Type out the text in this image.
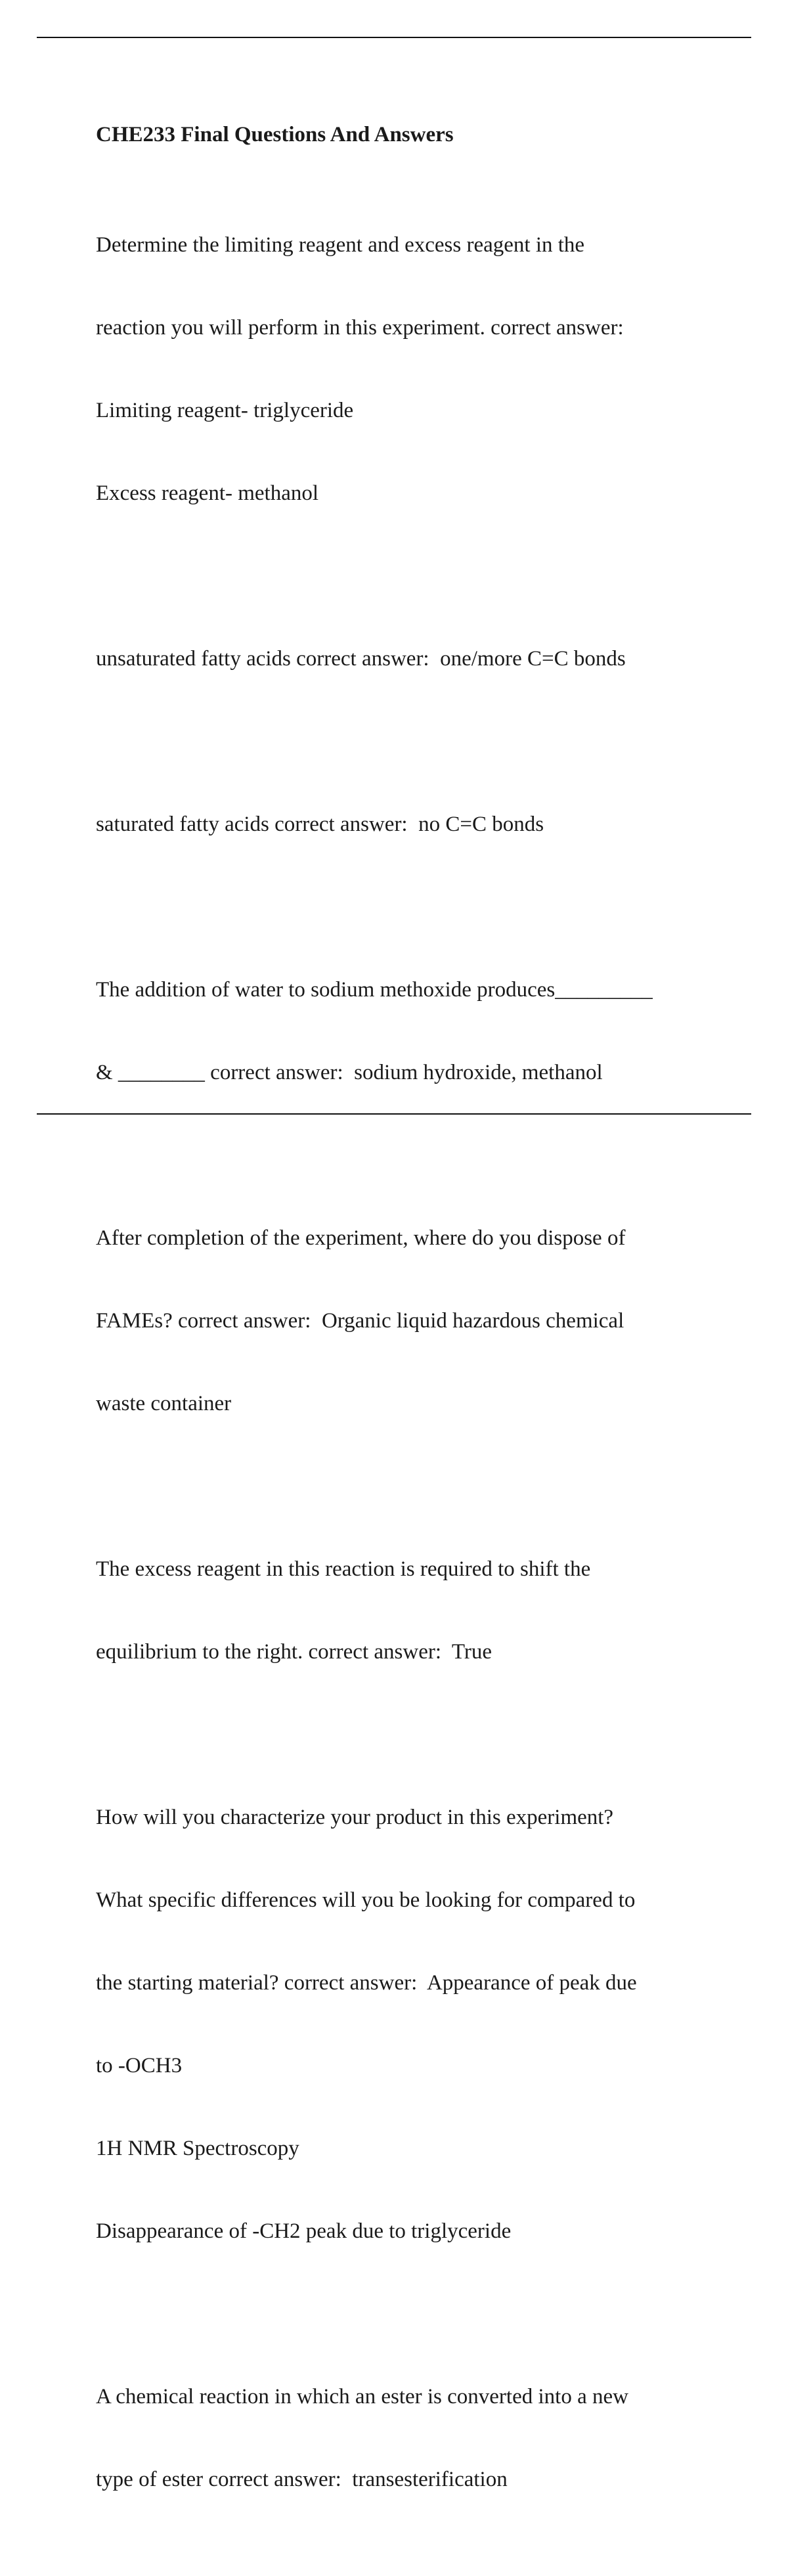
CHE233 Final Questions And Answers

Determine the limiting reagent and excess reagent in the

reaction you will perform in this experiment. correct answer:

Limiting reagent- triglyceride

Excess reagent- methanol

unsaturated fatty acids correct answer:  one/more C=C bonds

saturated fatty acids correct answer:  no C=C bonds

The addition of water to sodium methoxide produces_________

& ________ correct answer:  sodium hydroxide, methanol

After completion of the experiment, where do you dispose of

FAMEs? correct answer:  Organic liquid hazardous chemical

waste container

The excess reagent in this reaction is required to shift the

equilibrium to the right. correct answer:  True

How will you characterize your product in this experiment?

What specific differences will you be looking for compared to

the starting material? correct answer:  Appearance of peak due

to -OCH3

1H NMR Spectroscopy

Disappearance of -CH2 peak due to triglyceride

A chemical reaction in which an ester is converted into a new

type of ester correct answer:  transesterification
